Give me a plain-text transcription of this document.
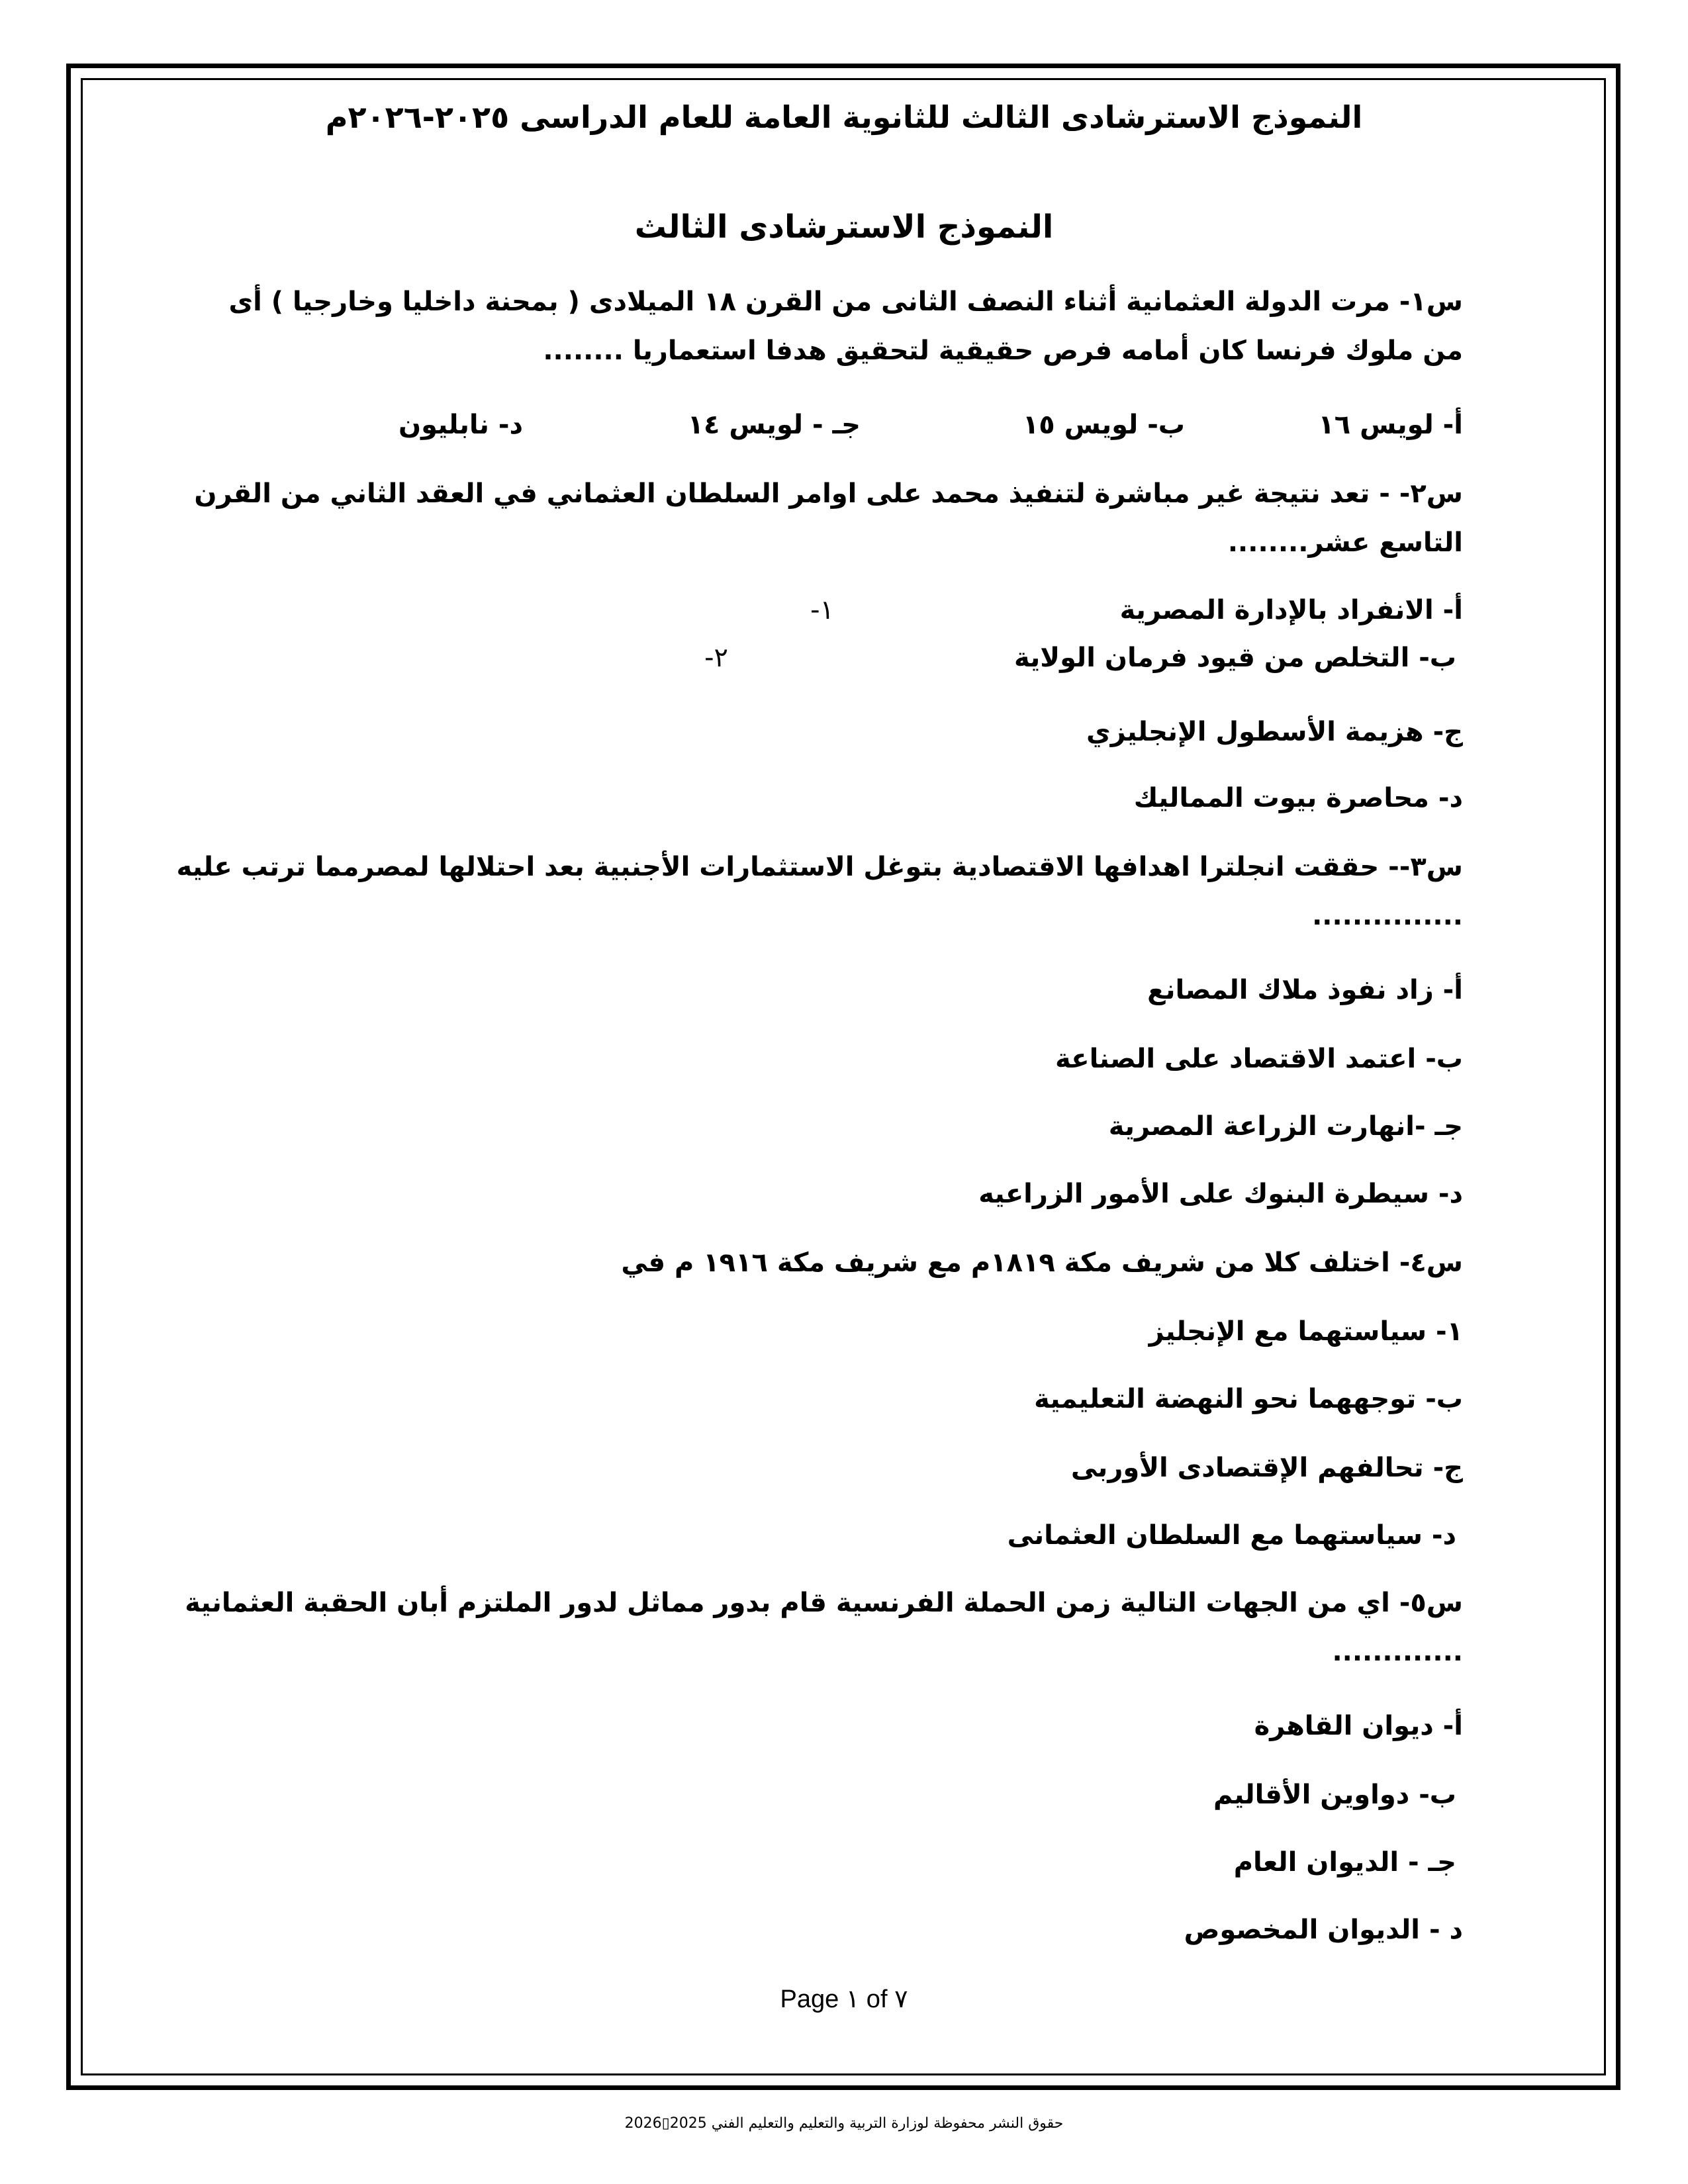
النموذج الاسترشادى الثالث للثانوية العامة للعام الدراسى ٢٠٢٥-٢٠٢٦م
النموذج الاسترشادى الثالث
س١- مرت الدولة العثمانية أثناء النصف الثانى من القرن ١٨ الميلادى ( بمحنة داخليا وخارجيا ) أى
من ملوك فرنسا كان أمامه فرص حقيقية لتحقيق هدفا استعماريا ........
أ- لويس ١٦
ب- لويس ١٥
جـ - لويس ١٤
د- نابليون
س٢- - تعد نتيجة غير مباشرة لتنفيذ محمد على اوامر السلطان العثماني في العقد الثاني من القرن
التاسع عشر........
أ- الانفراد بالإدارة المصرية
١-
ب- التخلص من قيود فرمان الولاية
٢-
ج- هزيمة الأسطول الإنجليزي
د- محاصرة بيوت المماليك
س٣-- حققت انجلترا اهدافها الاقتصادية بتوغل الاستثمارات الأجنبية بعد احتلالها لمصرمما ترتب عليه
...............
أ- زاد نفوذ ملاك المصانع
ب- اعتمد الاقتصاد على الصناعة
جـ -انهارت الزراعة المصرية
د- سيطرة البنوك على الأمور الزراعيه
س٤- اختلف كلا من شريف مكة ١٨١٩م مع شريف مكة ١٩١٦ م في
١- سياستهما مع الإنجليز
ب- توجههما نحو النهضة التعليمية
ج- تحالفهم الإقتصادى الأوربى
د- سياستهما مع السلطان العثمانى
س٥- اي من الجهات التالية زمن الحملة الفرنسية قام بدور مماثل لدور الملتزم أبان الحقبة العثمانية
.............
أ- ديوان القاهرة
ب- دواوين الأقاليم
جـ - الديوان العام
د - الديوان المخصوص
Page ١ of ٧
حقوق النشر محفوظة لوزارة التربية والتعليم والتعليم الفني 2025▯2026
